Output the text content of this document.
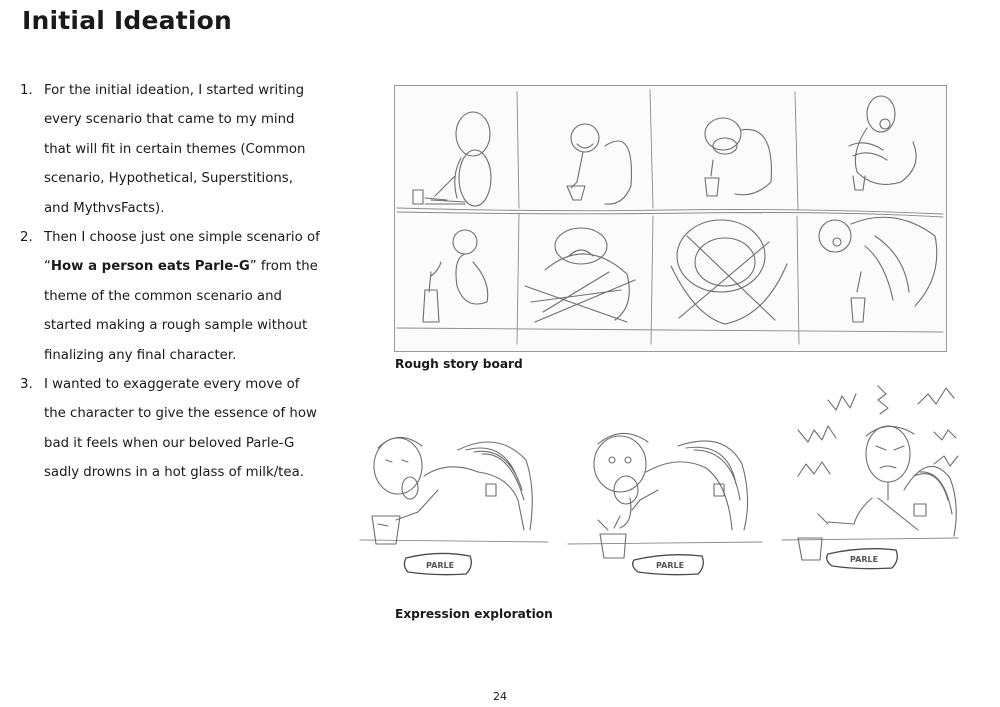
Initial Ideation
1. For the initial ideation, I started writing every scenario that came to my mind that will fit in certain themes (Common scenario, Hypothetical, Superstitions, and MythvsFacts).
2. Then I choose just one simple scenario of “How a person eats Parle-G” from the theme of the common scenario and started making a rough sample without finalizing any final character.
3. I wanted to exaggerate every move of the character to give the essence of how bad it feels when our beloved Parle-G sadly drowns in a hot glass of milk/tea.

Rough story board

PARLE	PARLE
PARLE

Expression exploration

24
